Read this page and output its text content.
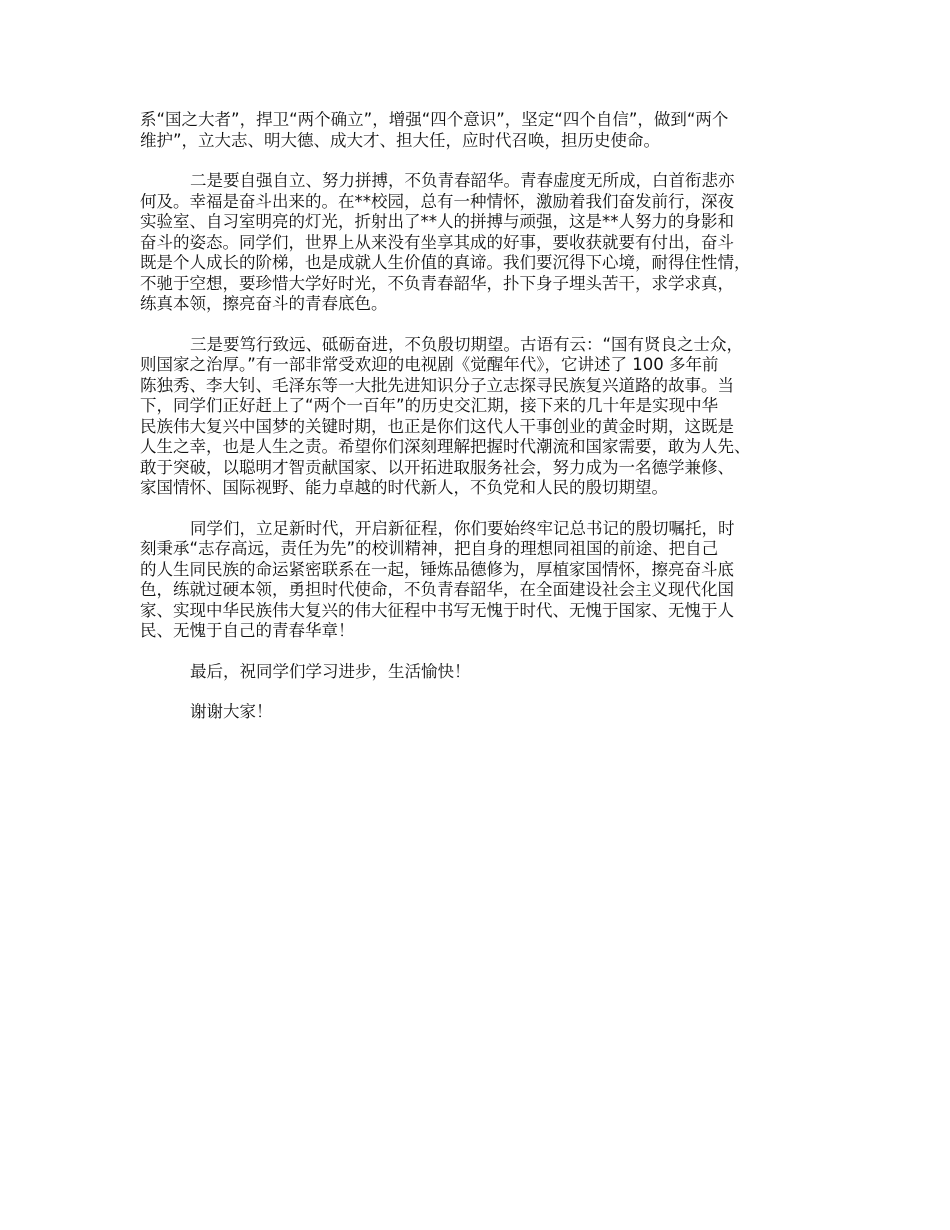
系“国之大者”，捍卫“两个确立”，增强“四个意识”，坚定“四个自信”，做到“两个
维护”，立大志、明大德、成大才、担大任，应时代召唤，担历史使命。
二是要自强自立、努力拼搏，不负青春韶华。青春虚度无所成，白首衔悲亦
何及。幸福是奋斗出来的。在**校园，总有一种情怀，激励着我们奋发前行，深夜
实验室、自习室明亮的灯光，折射出了**人的拼搏与顽强，这是**人努力的身影和
奋斗的姿态。同学们，世界上从来没有坐享其成的好事，要收获就要有付出，奋斗
既是个人成长的阶梯，也是成就人生价值的真谛。我们要沉得下心境，耐得住性情，
不驰于空想，要珍惜大学好时光，不负青春韶华，扑下身子埋头苦干，求学求真，
练真本领，擦亮奋斗的青春底色。
三是要笃行致远、砥砺奋进，不负殷切期望。古语有云：“国有贤良之士众，
则国家之治厚。”有一部非常受欢迎的电视剧《觉醒年代》，它讲述了 100 多年前
陈独秀、李大钊、毛泽东等一大批先进知识分子立志探寻民族复兴道路的故事。当
下，同学们正好赶上了“两个一百年”的历史交汇期，接下来的几十年是实现中华
民族伟大复兴中国梦的关键时期，也正是你们这代人干事创业的黄金时期，这既是
人生之幸，也是人生之责。希望你们深刻理解把握时代潮流和国家需要，敢为人先、
敢于突破，以聪明才智贡献国家、以开拓进取服务社会，努力成为一名德学兼修、
家国情怀、国际视野、能力卓越的时代新人，不负党和人民的殷切期望。
同学们，立足新时代，开启新征程，你们要始终牢记总书记的殷切嘱托，时
刻秉承“志存高远，责任为先”的校训精神，把自身的理想同祖国的前途、把自己
的人生同民族的命运紧密联系在一起，锤炼品德修为，厚植家国情怀，擦亮奋斗底
色，练就过硬本领，勇担时代使命，不负青春韶华，在全面建设社会主义现代化国
家、实现中华民族伟大复兴的伟大征程中书写无愧于时代、无愧于国家、无愧于人
民、无愧于自己的青春华章！
最后，祝同学们学习进步，生活愉快！
谢谢大家！
